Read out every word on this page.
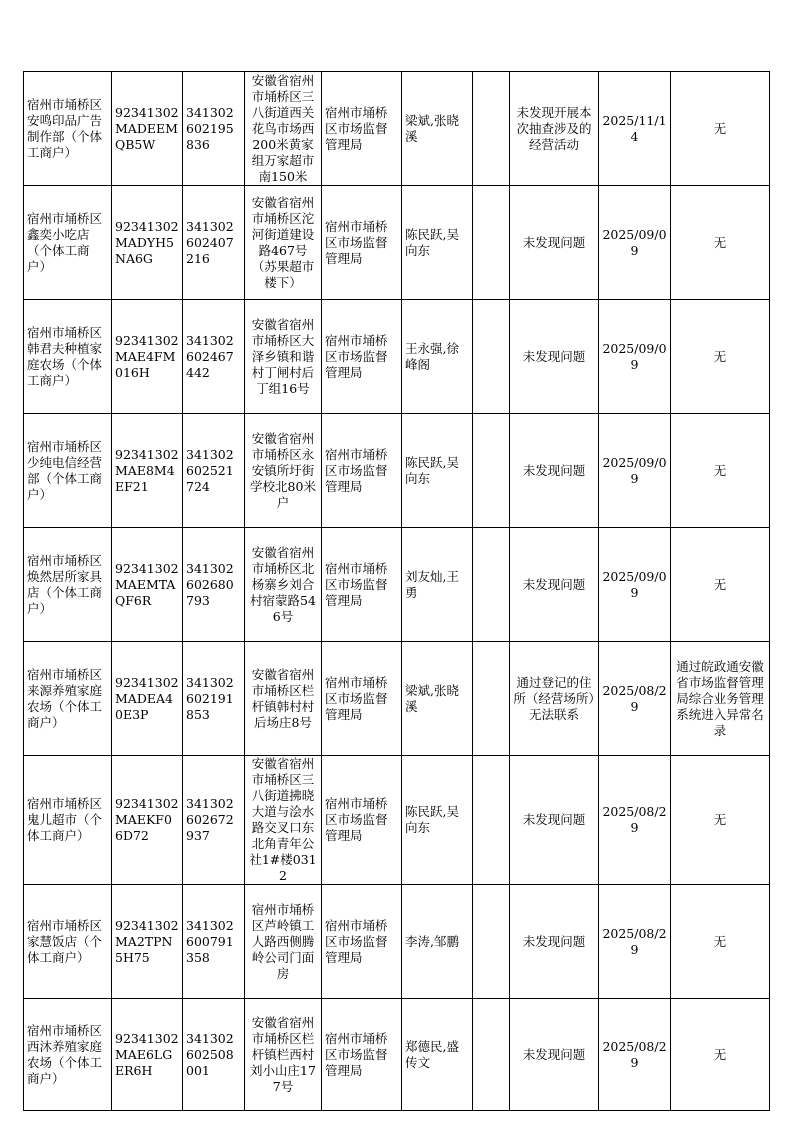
宿州市埇桥区安鸣印品广告制作部（个体工商户）	92341302MADEEMQB5W	341302602195836	安徽省宿州市埇桥区三八街道西关花鸟市场西200米黄家组万家超市南150米	宿州市埇桥区市场监督管理局	梁斌,张晓溪		未发现开展本次抽查涉及的经营活动	2025/11/14	无
宿州市埇桥区鑫奕小吃店（个体工商户）	92341302MADYH5NA6G	341302602407216	安徽省宿州市埇桥区沱河街道建设路467号（苏果超市楼下）	宿州市埇桥区市场监督管理局	陈民跃,吴向东		未发现问题	2025/09/09	无
宿州市埇桥区韩君夫种植家庭农场（个体工商户）	92341302MAE4FM016H	341302602467442	安徽省宿州市埇桥区大泽乡镇和谐村丁闸村后丁组16号	宿州市埇桥区市场监督管理局	王永强,徐峰阁		未发现问题	2025/09/09	无
宿州市埇桥区少纯电信经营部（个体工商户）	92341302MAE8M4EF21	341302602521724	安徽省宿州市埇桥区永安镇所圩街学校北80米户	宿州市埇桥区市场监督管理局	陈民跃,吴向东		未发现问题	2025/09/09	无
宿州市埇桥区焕然居所家具店（个体工商户）	92341302MAEMTAQF6R	341302602680793	安徽省宿州市埇桥区北杨寨乡刘合村宿蒙路546号	宿州市埇桥区市场监督管理局	刘友灿,王勇		未发现问题	2025/09/09	无
宿州市埇桥区来源养殖家庭农场（个体工商户）	92341302MADEA40E3P	341302602191853	安徽省宿州市埇桥区栏杆镇韩村村后场庄8号	宿州市埇桥区市场监督管理局	梁斌,张晓溪		通过登记的住所（经营场所）无法联系	2025/08/29	通过皖政通安徽省市场监督管理局综合业务管理系统进入异常名录
宿州市埇桥区鬼儿超市（个体工商户）	92341302MAEKF06D72	341302602672937	安徽省宿州市埇桥区三八街道拂晓大道与浍水路交叉口东北角青年公社1#楼0312	宿州市埇桥区市场监督管理局	陈民跃,吴向东		未发现问题	2025/08/29	无
宿州市埇桥区家慧饭店（个体工商户）	92341302MA2TPN5H75	341302600791358	宿州市埇桥区芦岭镇工人路西侧腾岭公司门面房	宿州市埇桥区市场监督管理局	李涛,邹鹏		未发现问题	2025/08/29	无
宿州市埇桥区西沐养殖家庭农场（个体工商户）	92341302MAE6LGER6H	341302602508001	安徽省宿州市埇桥区栏杆镇栏西村刘小山庄177号	宿州市埇桥区市场监督管理局	郑德民,盛传文		未发现问题	2025/08/29	无
